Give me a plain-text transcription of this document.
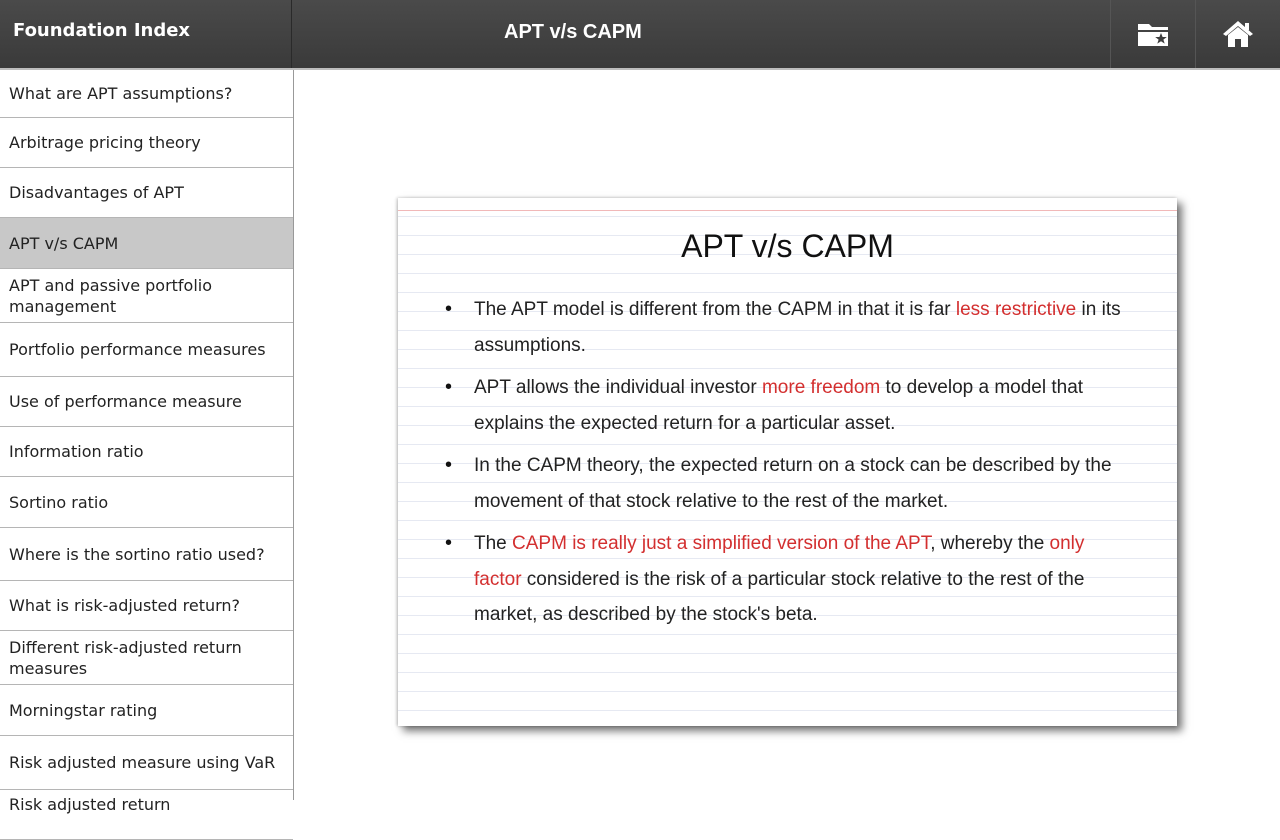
Foundation Index	APT v/s CAPM
What are APT assumptions?
Arbitrage pricing theory
Disadvantages of APT
APT v/s CAPM
APT and passive portfolio management
Portfolio performance measures
Use of performance measure
Information ratio
Sortino ratio
Where is the sortino ratio used?
What is risk-adjusted return?
Different risk-adjusted return measures
Morningstar rating
Risk adjusted measure using VaR
Risk adjusted return
APT v/s CAPM
• The APT model is different from the CAPM in that it is far less restrictive in its assumptions.
• APT allows the individual investor more freedom to develop a model that explains the expected return for a particular asset.
• In the CAPM theory, the expected return on a stock can be described by the movement of that stock relative to the rest of the market.
• The CAPM is really just a simplified version of the APT, whereby the only factor considered is the risk of a particular stock relative to the rest of the market, as described by the stock's beta.
